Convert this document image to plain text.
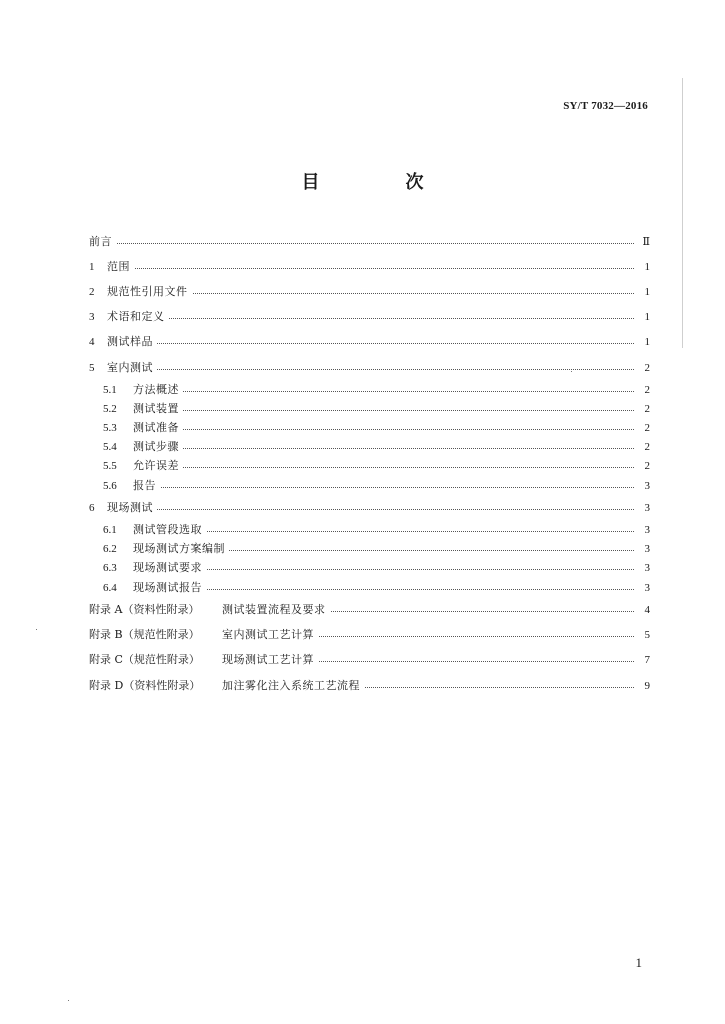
SY/T 7032—2016
目　次
前言	Ⅱ
1 范围	1
2 规范性引用文件	1
3 术语和定义	1
4 测试样品	1
5 室内测试	2
5.1 方法概述	2
5.2 测试装置	2
5.3 测试准备	2
5.4 测试步骤	2
5.5 允许误差	2
5.6 报告	3
6 现场测试	3
6.1 测试管段选取	3
6.2 现场测试方案编制	3
6.3 现场测试要求	3
6.4 现场测试报告	3
附录 A（资料性附录） 测试装置流程及要求	4
附录 B（规范性附录） 室内测试工艺计算	5
附录 C（规范性附录） 现场测试工艺计算	7
附录 D（资料性附录） 加注雾化注入系统工艺流程	9
1
